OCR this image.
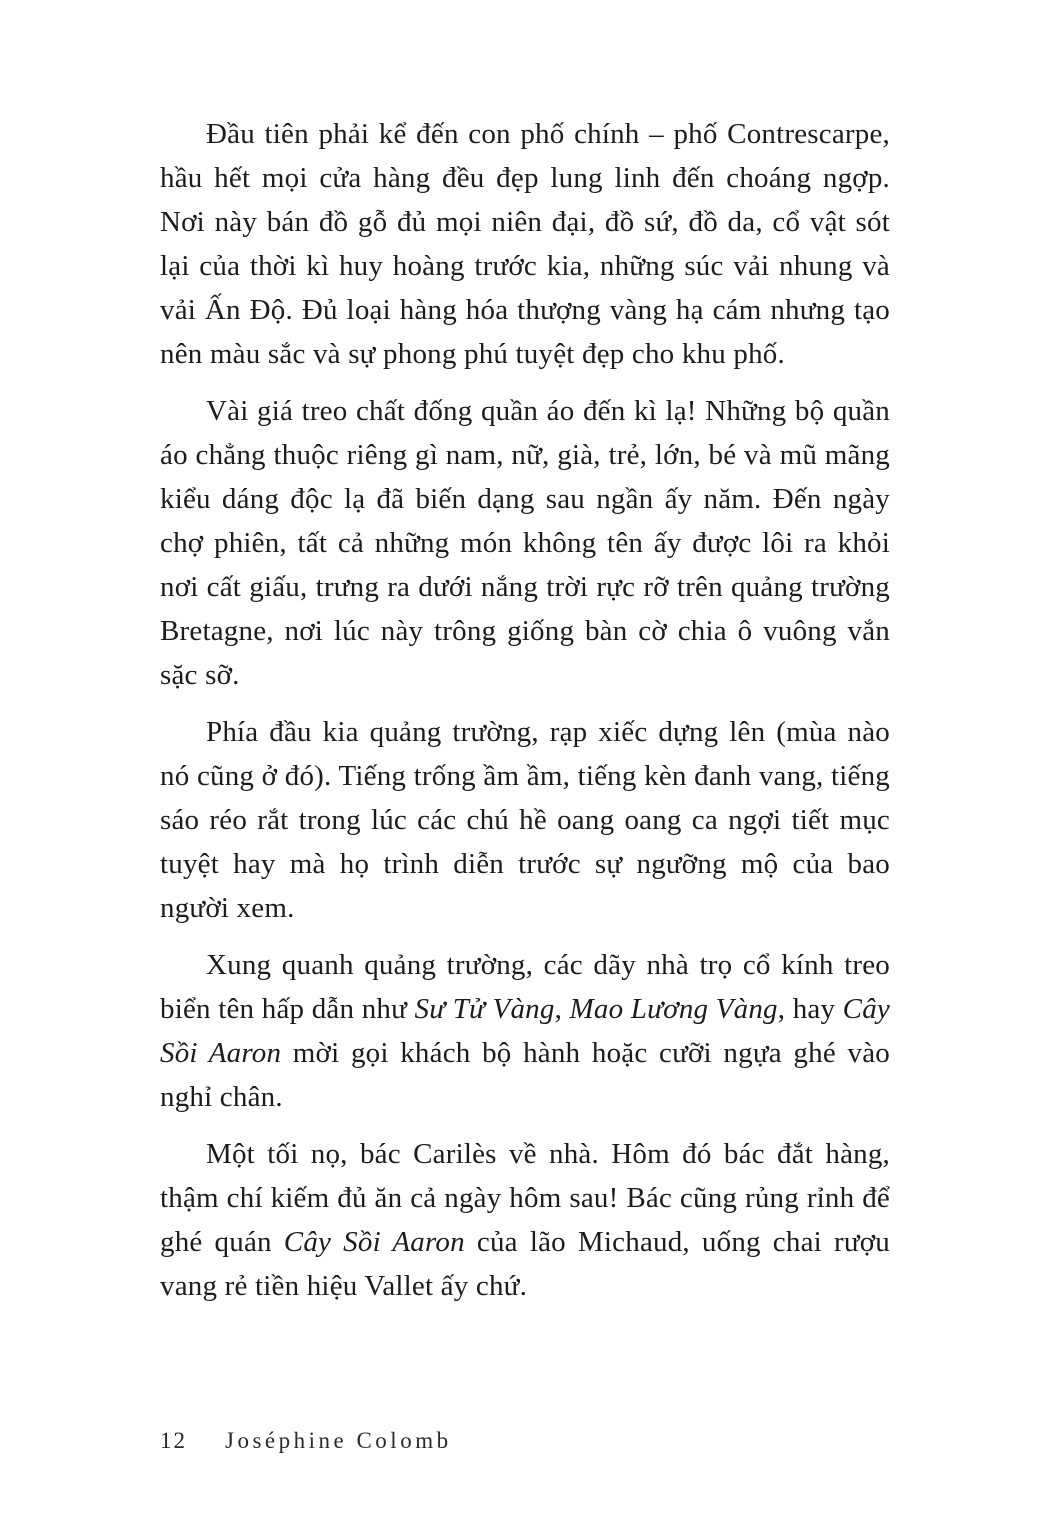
Đầu tiên phải kể đến con phố chính – phố Contrescarpe, hầu hết mọi cửa hàng đều đẹp lung linh đến choáng ngợp. Nơi này bán đồ gỗ đủ mọi niên đại, đồ sứ, đồ da, cổ vật sót lại của thời kì huy hoàng trước kia, những súc vải nhung và vải Ấn Độ. Đủ loại hàng hóa thượng vàng hạ cám nhưng tạo nên màu sắc và sự phong phú tuyệt đẹp cho khu phố.

Vài giá treo chất đống quần áo đến kì lạ! Những bộ quần áo chẳng thuộc riêng gì nam, nữ, già, trẻ, lớn, bé và mũ mãng kiểu dáng độc lạ đã biến dạng sau ngần ấy năm. Đến ngày chợ phiên, tất cả những món không tên ấy được lôi ra khỏi nơi cất giấu, trưng ra dưới nắng trời rực rỡ trên quảng trường Bretagne, nơi lúc này trông giống bàn cờ chia ô vuông vắn sặc sỡ.

Phía đầu kia quảng trường, rạp xiếc dựng lên (mùa nào nó cũng ở đó). Tiếng trống ầm ầm, tiếng kèn đanh vang, tiếng sáo réo rắt trong lúc các chú hề oang oang ca ngợi tiết mục tuyệt hay mà họ trình diễn trước sự ngưỡng mộ của bao người xem.

Xung quanh quảng trường, các dãy nhà trọ cổ kính treo biển tên hấp dẫn như Sư Tử Vàng, Mao Lương Vàng, hay Cây Sồi Aaron mời gọi khách bộ hành hoặc cưỡi ngựa ghé vào nghỉ chân.

Một tối nọ, bác Carilès về nhà. Hôm đó bác đắt hàng, thậm chí kiếm đủ ăn cả ngày hôm sau! Bác cũng rủng rỉnh để ghé quán Cây Sồi Aaron của lão Michaud, uống chai rượu vang rẻ tiền hiệu Vallet ấy chứ.

12 Joséphine Colomb
